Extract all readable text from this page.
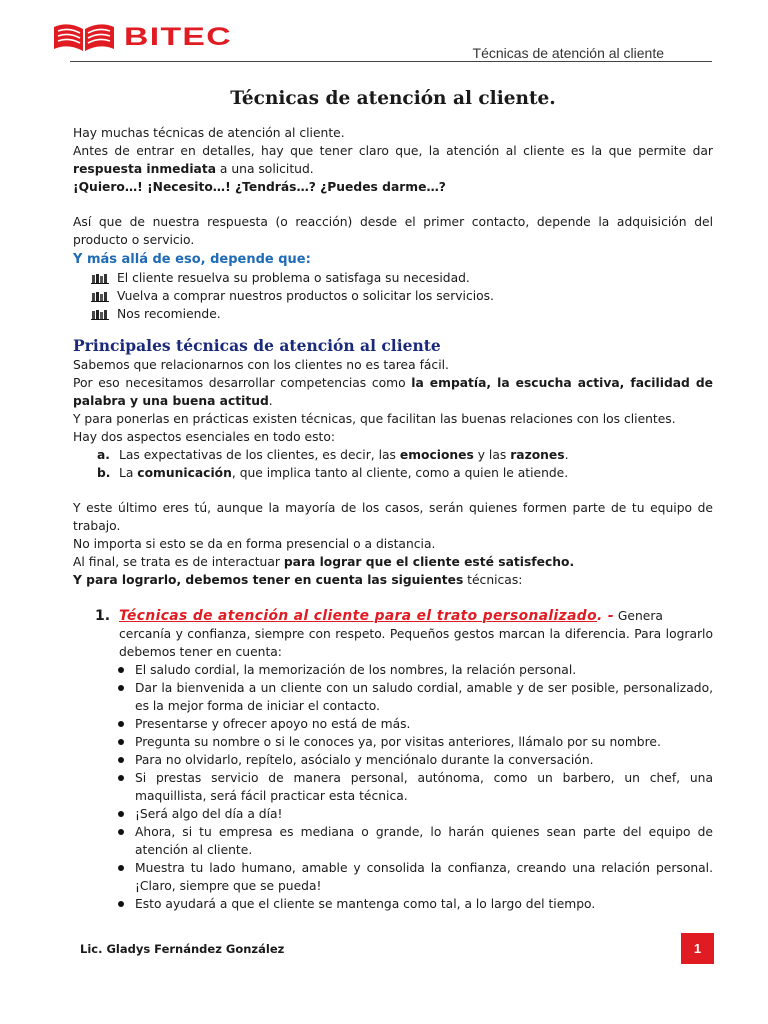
BITEC
Técnicas de atención al cliente
Técnicas de atención al cliente.

Hay muchas técnicas de atención al cliente.

Antes de entrar en detalles, hay que tener claro que, la atención al cliente es la que permite dar respuesta inmediata a una solicitud.

¡Quiero…! ¡Necesito…! ¿Tendrás…? ¿Puedes darme…?

Así que de nuestra respuesta (o reacción) desde el primer contacto, depende la adquisición del producto o servicio.

Y más allá de eso, depende que:
El cliente resuelva su problema o satisfaga su necesidad.
Vuelva a comprar nuestros productos o solicitar los servicios.
Nos recomiende.
Principales técnicas de atención al cliente

Sabemos que relacionarnos con los clientes no es tarea fácil.

Por eso necesitamos desarrollar competencias como la empatía, la escucha activa, facilidad de palabra y una buena actitud.

Y para ponerlas en prácticas existen técnicas, que facilitan las buenas relaciones con los clientes.

Hay dos aspectos esenciales en todo esto:

a. Las expectativas de los clientes, es decir, las emociones y las razones.
b. La comunicación, que implica tanto al cliente, como a quien le atiende.

Y este último eres tú, aunque la mayoría de los casos, serán quienes formen parte de tu equipo de trabajo.

No importa si esto se da en forma presencial o a distancia.

Al final, se trata es de interactuar para lograr que el cliente esté satisfecho.

Y para lograrlo, debemos tener en cuenta las siguientes técnicas:

1. Técnicas de atención al cliente para el trato personalizado. - Genera

cercanía y confianza, siempre con respeto. Pequeños gestos marcan la diferencia. Para lograrlo debemos tener en cuenta:

El saludo cordial, la memorización de los nombres, la relación personal.
Dar la bienvenida a un cliente con un saludo cordial, amable y de ser posible, personalizado, es la mejor forma de iniciar el contacto.
Presentarse y ofrecer apoyo no está de más.
Pregunta su nombre o si le conoces ya, por visitas anteriores, llámalo por su nombre.
Para no olvidarlo, repítelo, asócialo y menciónalo durante la conversación.
Si prestas servicio de manera personal, autónoma, como un barbero, un chef, una maquillista, será fácil practicar esta técnica.
¡Será algo del día a día!
Ahora, si tu empresa es mediana o grande, lo harán quienes sean parte del equipo de atención al cliente.
Muestra tu lado humano, amable y consolida la confianza, creando una relación personal. ¡Claro, siempre que se pueda!
Esto ayudará a que el cliente se mantenga como tal, a lo largo del tiempo.
Lic. Gladys Fernández González	1
